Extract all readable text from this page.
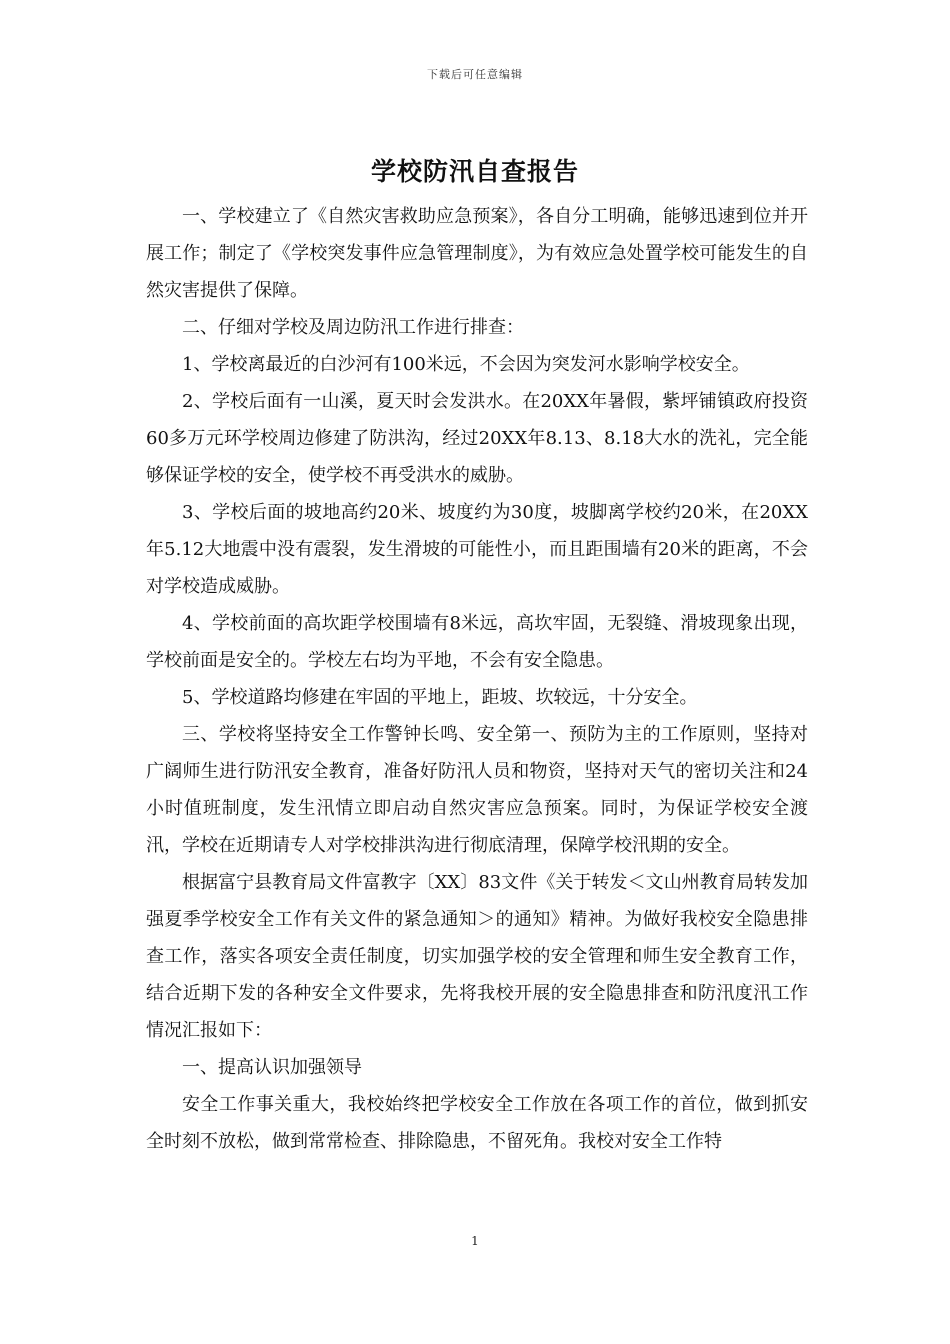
下载后可任意编辑
学校防汛自查报告

一、学校建立了《自然灾害救助应急预案》，各自分工明确，能够迅速到位并开展工作；制定了《学校突发事件应急管理制度》，为有效应急处置学校可能发生的自然灾害提供了保障。

二、仔细对学校及周边防汛工作进行排查：

1、学校离最近的白沙河有100米远，不会因为突发河水影响学校安全。

2、学校后面有一山溪，夏天时会发洪水。在20XX年暑假，紫坪铺镇政府投资60多万元环学校周边修建了防洪沟，经过20XX年8.13、8.18大水的洗礼，完全能够保证学校的安全，使学校不再受洪水的威胁。

3、学校后面的坡地高约20米、坡度约为30度，坡脚离学校约20米，在20XX年5.12大地震中没有震裂，发生滑坡的可能性小，而且距围墙有20米的距离，不会对学校造成威胁。

4、学校前面的高坎距学校围墙有8米远，高坎牢固，无裂缝、滑坡现象出现，学校前面是安全的。学校左右均为平地，不会有安全隐患。

5、学校道路均修建在牢固的平地上，距坡、坎较远，十分安全。

三、学校将坚持安全工作警钟长鸣、安全第一、预防为主的工作原则，坚持对广阔师生进行防汛安全教育，准备好防汛人员和物资，坚持对天气的密切关注和24小时值班制度，发生汛情立即启动自然灾害应急预案。同时，为保证学校安全渡汛，学校在近期请专人对学校排洪沟进行彻底清理，保障学校汛期的安全。

根据富宁县教育局文件富教字〔XX〕83文件《关于转发＜文山州教育局转发加强夏季学校安全工作有关文件的紧急通知＞的通知》精神。为做好我校安全隐患排查工作，落实各项安全责任制度，切实加强学校的安全管理和师生安全教育工作，结合近期下发的各种安全文件要求，先将我校开展的安全隐患排查和防汛度汛工作情况汇报如下：

一、提高认识加强领导

安全工作事关重大，我校始终把学校安全工作放在各项工作的首位，做到抓安全时刻不放松，做到常常检查、排除隐患，不留死角。我校对安全工作特

1
